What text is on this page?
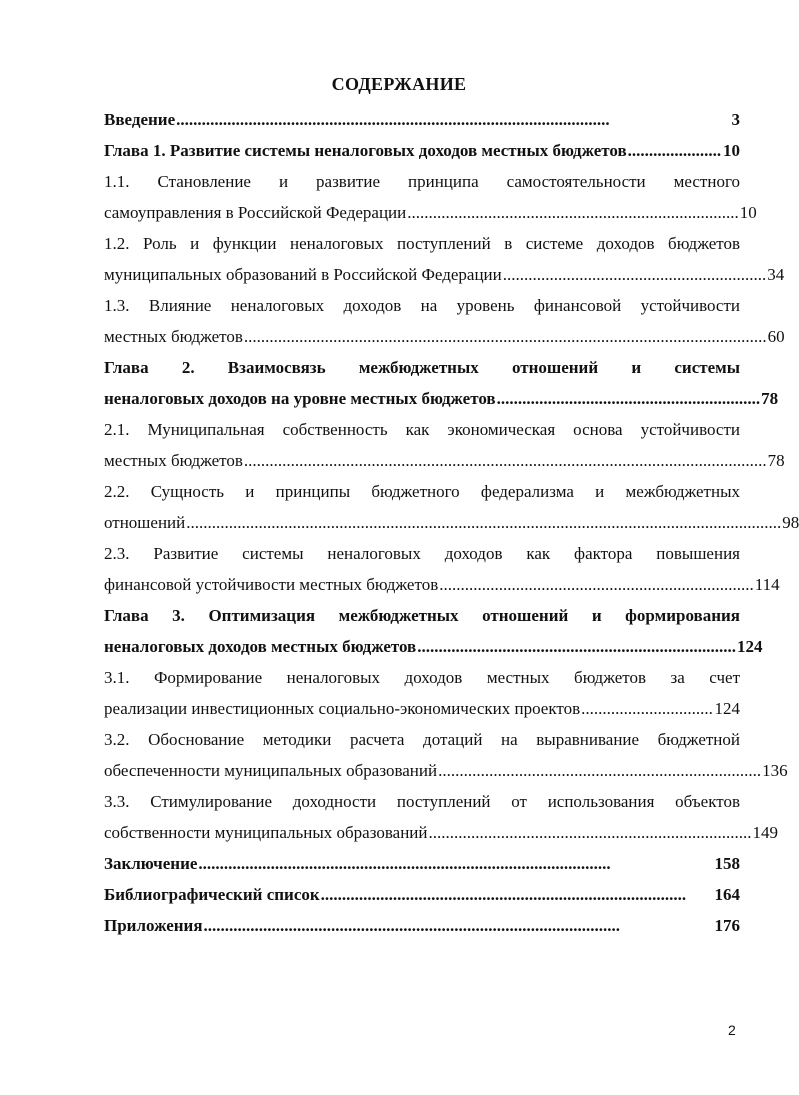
СОДЕРЖАНИЕ
Введение ......................................................................................................	3
Глава 1. Развитие системы неналоговых доходов местных бюджетов ...................... 10
1.1. Становление и развитие принципа самостоятельности местного
самоуправления в Российской Федерации .............................................................................. 10
1.2. Роль и функции неналоговых поступлений в системе доходов бюджетов
муниципальных образований в Российской Федерации .............................................................. 34
1.3. Влияние неналоговых доходов на уровень финансовой устойчивости
местных бюджетов ........................................................................................................................... 60
Глава 2. Взаимосвязь межбюджетных отношений и системы
неналоговых доходов на уровне местных бюджетов .............................................................. 78
2.1. Муниципальная собственность как экономическая основа устойчивости
местных бюджетов ........................................................................................................................... 78
2.2. Сущность и принципы бюджетного федерализма и межбюджетных
отношений ............................................................................................................................................ 98
2.3. Развитие системы неналоговых доходов как фактора повышения
финансовой устойчивости местных бюджетов .......................................................................... 114
Глава 3. Оптимизация межбюджетных отношений и формирования
неналоговых доходов местных бюджетов ........................................................................... 124
3.1. Формирование неналоговых доходов местных бюджетов за счет
реализации инвестиционных социально-экономических проектов ............................... 124
3.2. Обоснование методики расчета дотаций на выравнивание бюджетной
обеспеченности муниципальных образований ............................................................................ 136
3.3. Стимулирование доходности поступлений от использования объектов
собственности муниципальных образований ............................................................................ 149
Заключение .................................................................................................	158
Библиографический список ......................................................................................	164
Приложения ..................................................................................................	176
2
